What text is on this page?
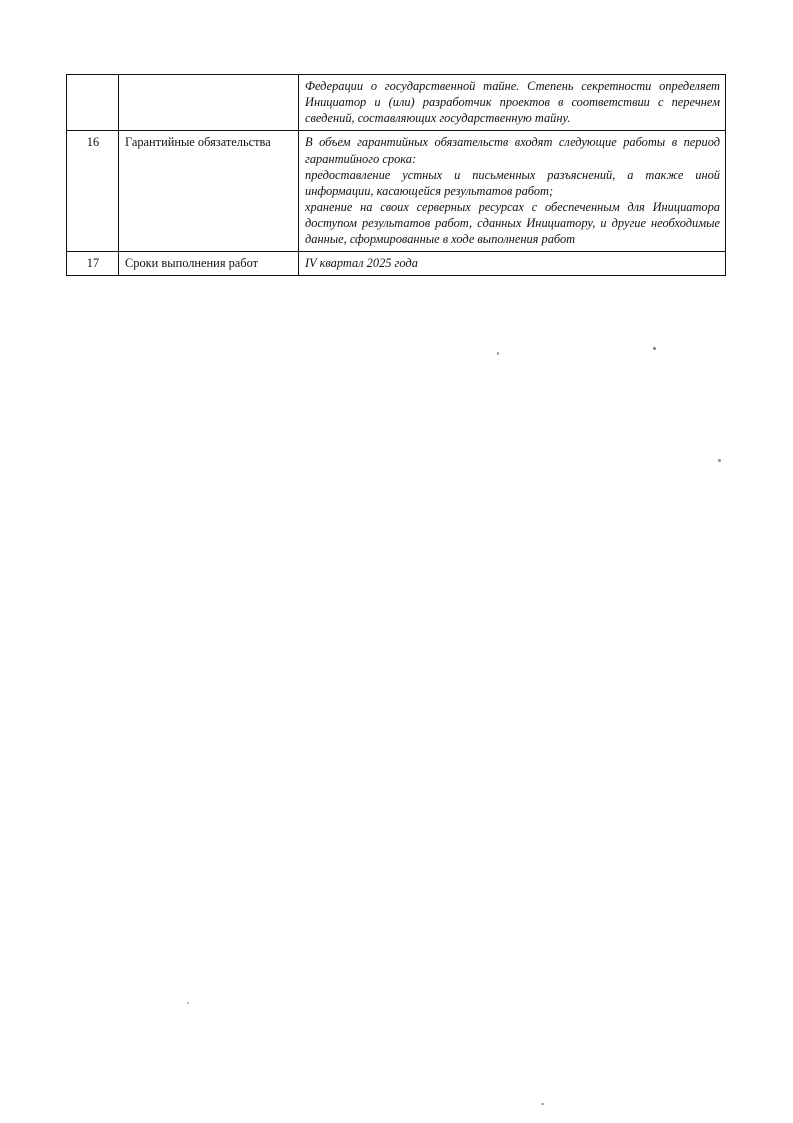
		Федерации о государственной тайне. Степень секретности определяет Инициатор и (или) разработчик проектов в соответствии с перечнем сведений, составляющих государственную тайну.

16	Гарантийные обязательства	В объем гарантийных обязательств входят следующие работы в период гарантийного срока:

предоставление устных и письменных разъяснений, а также иной информации, касающейся результатов работ;

хранение на своих серверных ресурсах с обеспеченным для Инициатора доступом результатов работ, сданных Инициатору, и другие необходимые данные, сформированные в ходе выполнения работ

17	Сроки выполнения работ	IV квартал 2025 года
